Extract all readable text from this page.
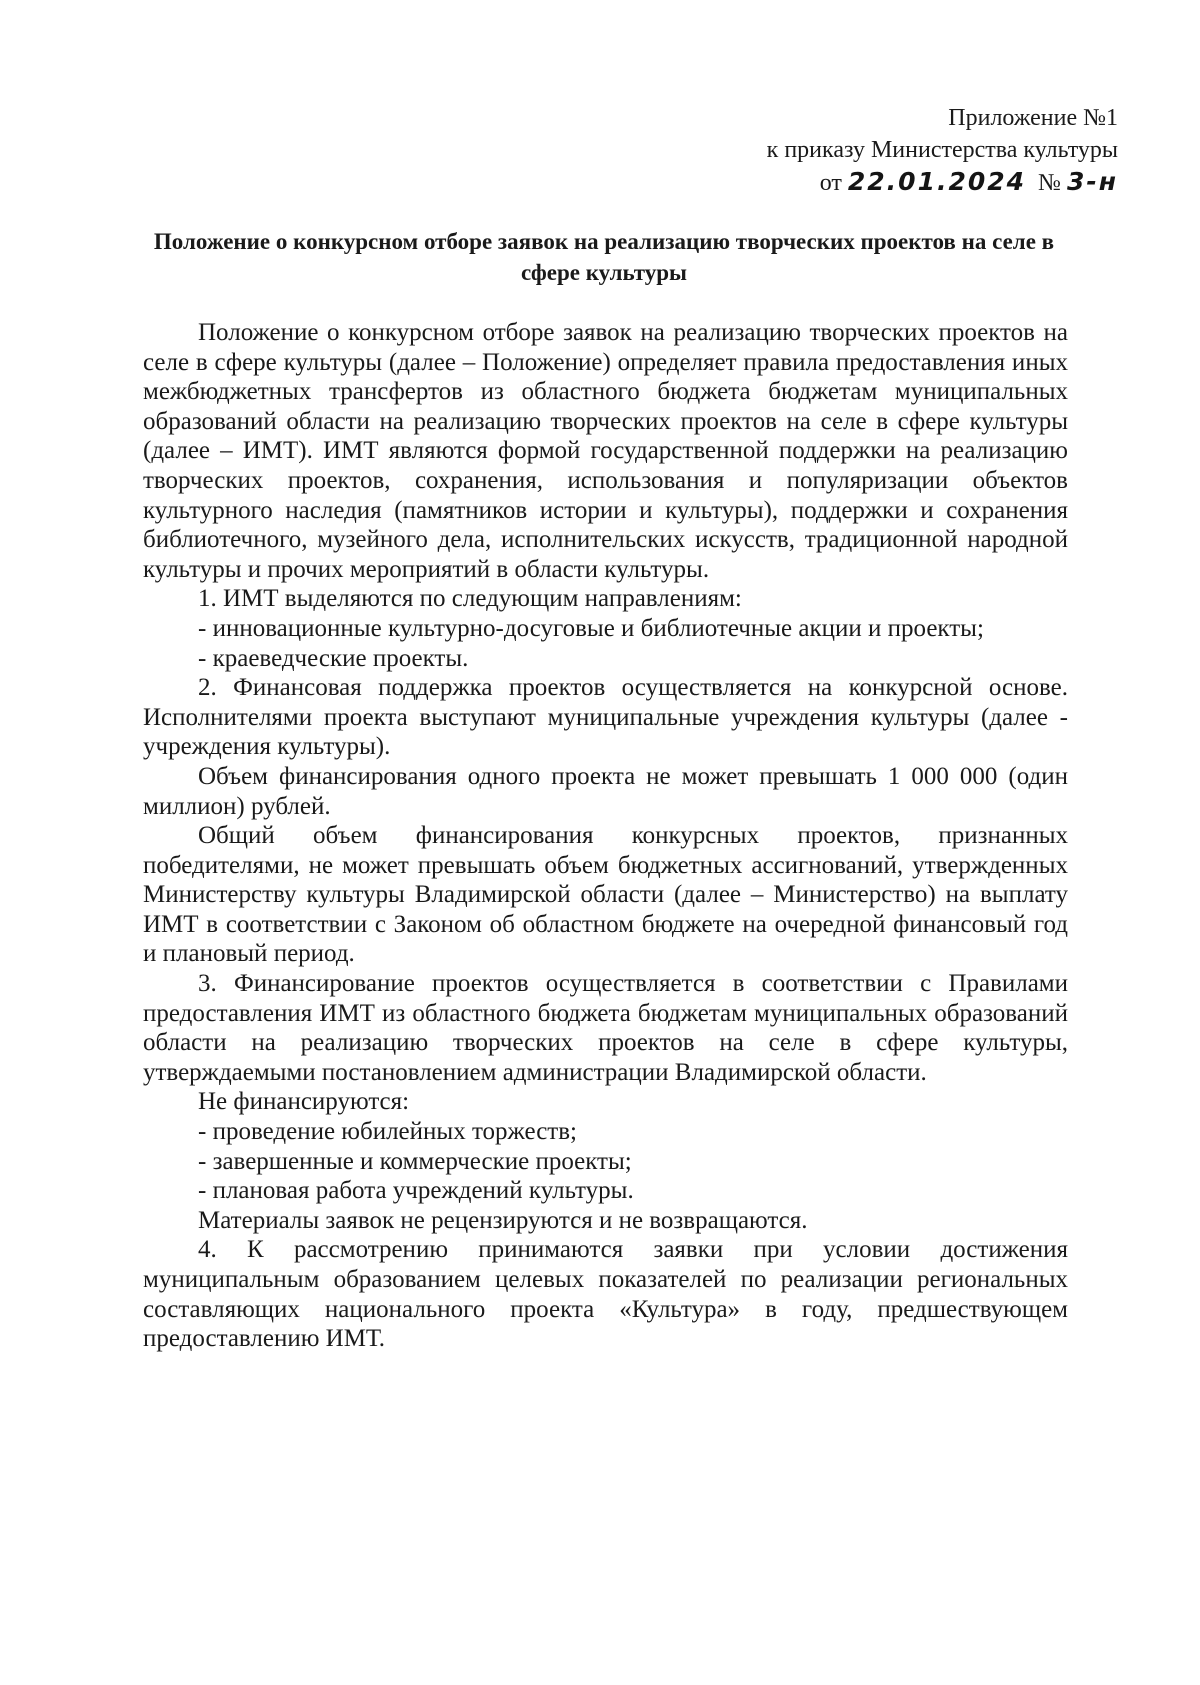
Приложение №1
к приказу Министерства культуры
от 22.01.2024 № 3-н
Положение о конкурсном отборе заявок на реализацию творческих проектов на селе в сфере культуры

Положение о конкурсном отборе заявок на реализацию творческих проектов на селе в сфере культуры (далее – Положение) определяет правила предоставления иных межбюджетных трансфертов из областного бюджета бюджетам муниципальных образований области на реализацию творческих проектов на селе в сфере культуры (далее – ИМТ). ИМТ являются формой государственной поддержки на реализацию творческих проектов, сохранения, использования и популяризации объектов культурного наследия (памятников истории и культуры), поддержки и сохранения библиотечного, музейного дела, исполнительских искусств, традиционной народной культуры и прочих мероприятий в области культуры.

1. ИМТ выделяются по следующим направлениям:

- инновационные культурно-досуговые и библиотечные акции и проекты;

- краеведческие проекты.

2. Финансовая поддержка проектов осуществляется на конкурсной основе. Исполнителями проекта выступают муниципальные учреждения культуры (далее - учреждения культуры).

Объем финансирования одного проекта не может превышать 1 000 000 (один миллион) рублей.

Общий объем финансирования конкурсных проектов, признанных победителями, не может превышать объем бюджетных ассигнований, утвержденных Министерству культуры Владимирской области (далее – Министерство) на выплату ИМТ в соответствии с Законом об областном бюджете на очередной финансовый год и плановый период.

3. Финансирование проектов осуществляется в соответствии с Правилами предоставления ИМТ из областного бюджета бюджетам муниципальных образований области на реализацию творческих проектов на селе в сфере культуры, утверждаемыми постановлением администрации Владимирской области.

Не финансируются:

- проведение юбилейных торжеств;

- завершенные и коммерческие проекты;

- плановая работа учреждений культуры.

Материалы заявок не рецензируются и не возвращаются.

4. К рассмотрению принимаются заявки при условии достижения муниципальным образованием целевых показателей по реализации региональных составляющих национального проекта «Культура» в году, предшествующем предоставлению ИМТ.
